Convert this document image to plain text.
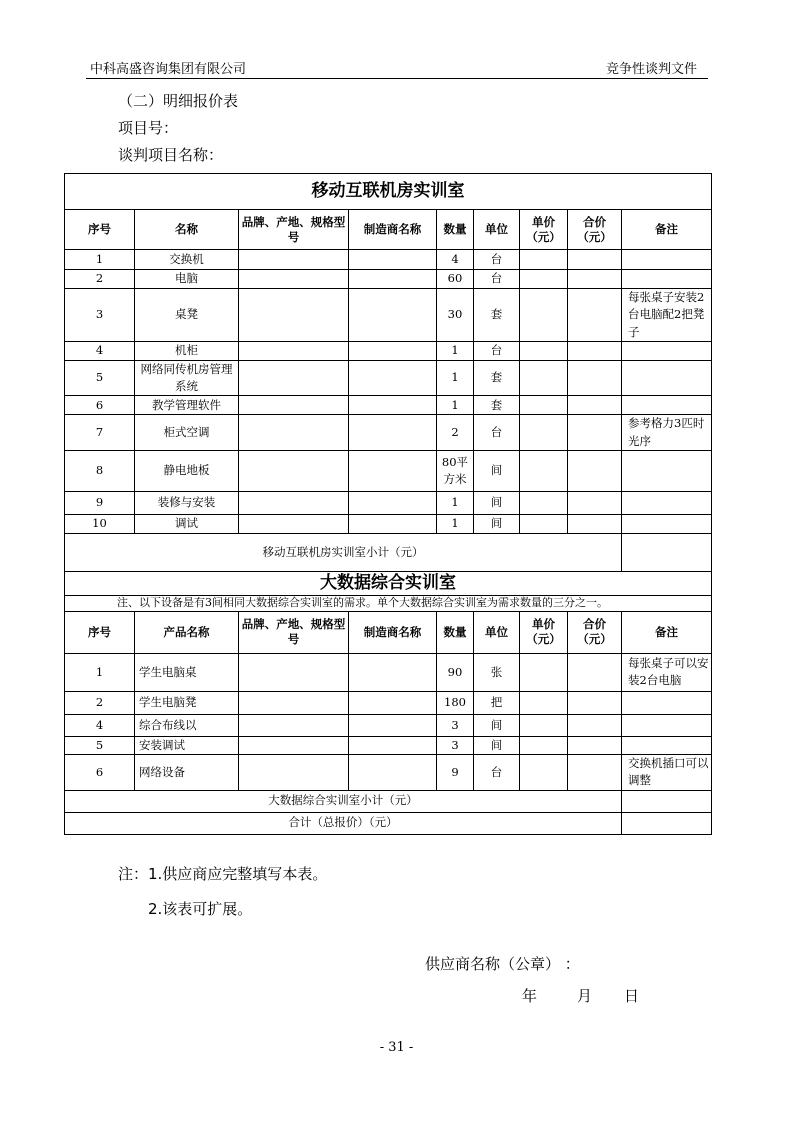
中科高盛咨询集团有限公司	竞争性谈判文件
（二）明细报价表
项目号：
谈判项目名称：
移动互联机房实训室								
序号	名称	品牌、产地、规格型号	制造商名称	数量	单位	单价（元）	合价（元）	备注
1	交换机			4	台			
2	电脑			60	台			
3	桌凳			30	套			每张桌子安装2台电脑配2把凳子
4	机柜			1	台			
5	网络同传机房管理系统			1	套			
6	教学管理软件			1	套			
7	柜式空调			2	台			参考格力3匹时光序
8	静电地板			80平方米	间			
9	装修与安装			1	间			
10	调试			1	间			
移动互联机房实训室小计（元）								
大数据综合实训室								
注、以下设备是有3间相同大数据综合实训室的需求。单个大数据综合实训室为需求数量的三分之一。								
序号	产品名称	品牌、产地、规格型号	制造商名称	数量	单位	单价（元）	合价（元）	备注
1	学生电脑桌			90	张			每张桌子可以安装2台电脑
2	学生电脑凳			180	把			
4	综合布线以			3	间			
5	安装调试			3	间			
6	网络设备			9	台			交换机插口可以调整
大数据综合实训室小计（元）								
合计（总报价）（元）								
注：1.供应商应完整填写本表。
2.该表可扩展。
供应商名称（公章） ：
年	月 日
- 31 -
